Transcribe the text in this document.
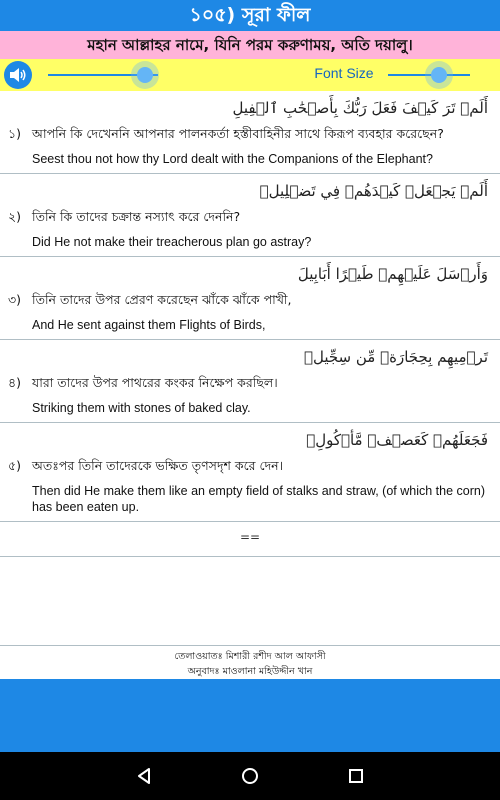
১০৫) সূরা ফীল
মহান আল্লাহর নামে, যিনি পরম করুণাময়, অতি দয়ালু।
Font Size
أَلَمۡ تَرَ كَيۡفَ فَعَلَ رَبُّكَ بِأَصۡحَٰبِ ٱلۡفِيلِ
১) আপনি কি দেখেননি আপনার পালনকর্তা হস্তীবাহিনীর সাথে কিরূপ ব্যবহার করেছেন?
Seest thou not how thy Lord dealt with the Companions of the Elephant?
أَلَمۡ يَجۡعَلۡ كَيۡدَهُمۡ فِي تَضۡلِيلٖ
২) তিনি কি তাদের চক্রান্ত নস্যাৎ করে দেননি?
Did He not make their treacherous plan go astray?
وَأَرۡسَلَ عَلَيۡهِمۡ طَيۡرًا أَبَابِيلَ
৩) তিনি তাদের উপর প্রেরণ করেছেন ঝাঁকে ঝাঁকে পাখী,
And He sent against them Flights of Birds,
تَرۡمِيهِم بِحِجَارَةٖ مِّن سِجِّيلٖ
৪) যারা তাদের উপর পাথরের কংকর নিক্ষেপ করছিল।
Striking them with stones of baked clay.
فَجَعَلَهُمۡ كَعَصۡفٖ مَّأۡكُولِۭ
৫) অতঃপর তিনি তাদেরকে ভক্ষিত তৃণসদৃশ করে দেন।
Then did He make them like an empty field of stalks and straw, (of which the corn) has been eaten up.
==
তেলাওয়াতঃ মিশারী রশীদ আল আফাসী
অনুবাদঃ মাওলানা মহিউদ্দীন খান
